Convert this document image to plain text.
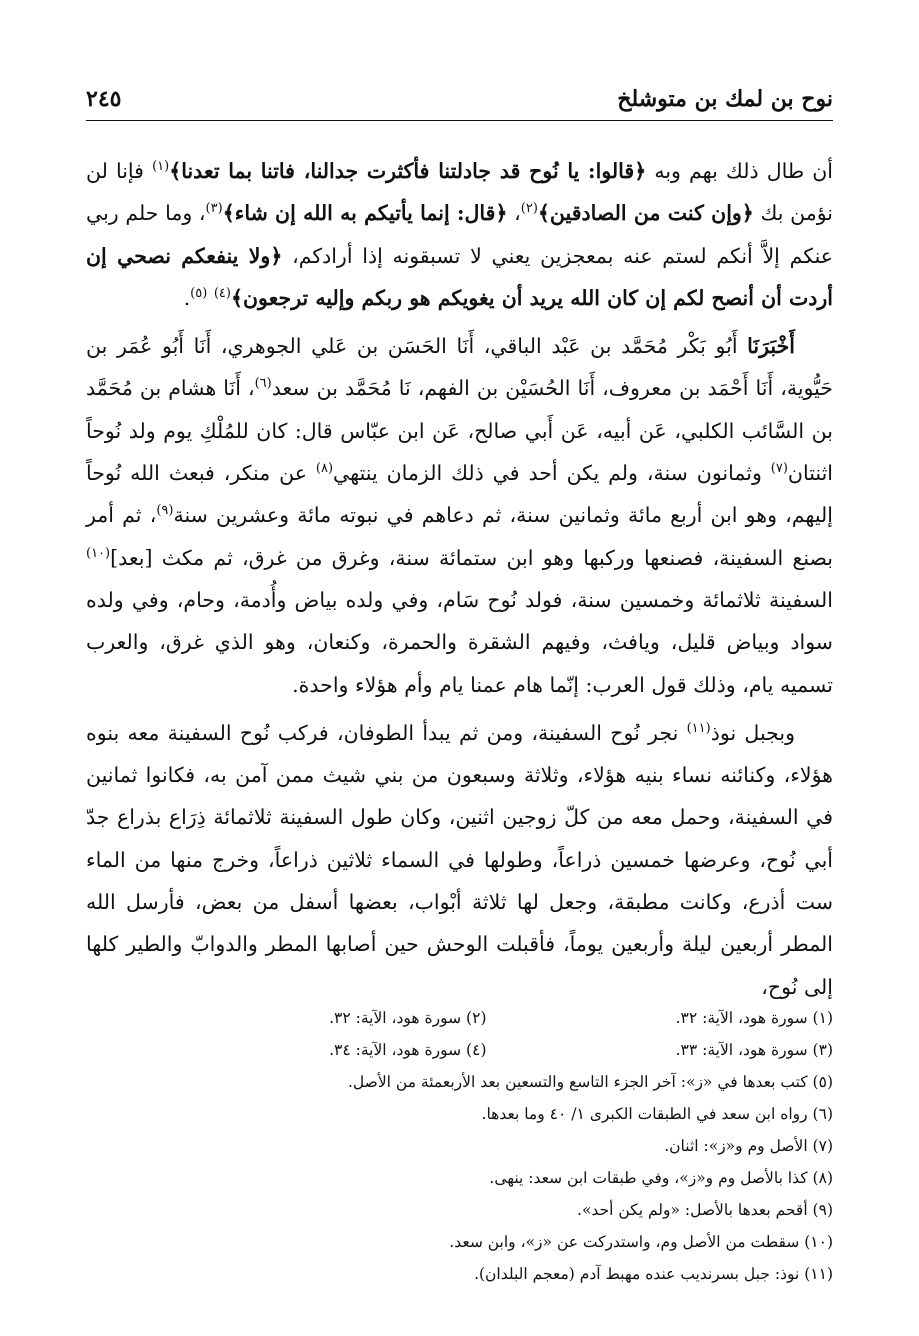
نوح بن لمك بن متوشلخ
٢٤٥

أن طال ذلك بهم وبه ﴿قالوا: يا نُوح قد جادلتنا فأكثرت جدالنا، فاتنا بما تعدنا﴾$^{(١)}$ فإنا لن نؤمن بك ﴿وإن كنت من الصادقين﴾$^{(٢)}$، ﴿قال: إنما يأتيكم به الله إن شاء﴾$^{(٣)}$، وما حلم ربي عنكم إلاَّ أنكم لستم عنه بمعجزين يعني لا تسبقونه إذا أرادكم، ﴿ولا ينفعكم نصحي إن أردت أن أنصح لكم إن كان الله يريد أن يغويكم هو ربكم وإليه ترجعون﴾$^{(٤)}$ $^{(٥)}$.

أَخْبَرَنَا أَبُو بَكْر مُحَمَّد بن عَبْد الباقي، أَنَا الحَسَن بن عَلي الجوهري، أَنَا أَبُو عُمَر بن حَيُّوية، أَنَا أَحْمَد بن معروف، أَنَا الحُسَيْن بن الفهم، نَا مُحَمَّد بن سعد$^{(٦)}$، أَنَا هشام بن مُحَمَّد بن السَّائب الكلبي، عَن أبيه، عَن أَبي صالح، عَن ابن عبّاس قال: كان للمُلْكِ يوم ولد نُوحاً اثنتان$^{(٧)}$ وثمانون سنة، ولم يكن أحد في ذلك الزمان ينتهي$^{(٨)}$ عن منكر، فبعث الله نُوحاً إليهم، وهو ابن أربع مائة وثمانين سنة، ثم دعاهم في نبوته مائة وعشرين سنة$^{(٩)}$، ثم أمر بصنع السفينة، فصنعها وركبها وهو ابن ستمائة سنة، وغرق من غرق، ثم مكث [بعد]$^{(١٠)}$ السفينة ثلاثمائة وخمسين سنة، فولد نُوح سَام، وفي ولده بياض وأُدمة، وحام، وفي ولده سواد وبياض قليل، ويافث، وفيهم الشقرة والحمرة، وكنعان، وهو الذي غرق، والعرب تسميه يام، وذلك قول العرب: إنّما هام عمنا يام وأم هؤلاء واحدة.

وبجبل نوذ$^{(١١)}$ نجر نُوح السفينة، ومن ثم يبدأ الطوفان، فركب نُوح السفينة معه بنوه هؤلاء، وكنائنه نساء بنيه هؤلاء، وثلاثة وسبعون من بني شيث ممن آمن به، فكانوا ثمانين في السفينة، وحمل معه من كلّ زوجين اثنين، وكان طول السفينة ثلاثمائة ذِرَاع بذراع جدّ أبي نُوح، وعرضها خمسين ذراعاً، وطولها في السماء ثلاثين ذراعاً، وخرج منها من الماء ست أذرع، وكانت مطبقة، وجعل لها ثلاثة أبْواب، بعضها أسفل من بعض، فأرسل الله المطر أربعين ليلة وأربعين يوماً، فأقبلت الوحش حين أصابها المطر والدوابّ والطير كلها إلى نُوح،

(١) سورة هود، الآية: ٣٢.
(٢) سورة هود، الآية: ٣٢.
(٣) سورة هود، الآية: ٣٣.
(٤) سورة هود، الآية: ٣٤.
(٥) كتب بعدها في «ز»: آخر الجزء التاسع والتسعين بعد الأربعمئة من الأصل.
(٦) رواه ابن سعد في الطبقات الكبرى ١/ ٤٠ وما بعدها.
(٧) الأصل وم و«ز»: اثنان.
(٨) كذا بالأصل وم و«ز»، وفي طبقات ابن سعد: ينهى.
(٩) أقحم بعدها بالأصل: «ولم يكن أحد».
(١٠) سقطت من الأصل وم، واستدركت عن «ز»، وابن سعد.
(١١) نوذ: جبل بسرنديب عنده مهبط آدم (معجم البلدان).
